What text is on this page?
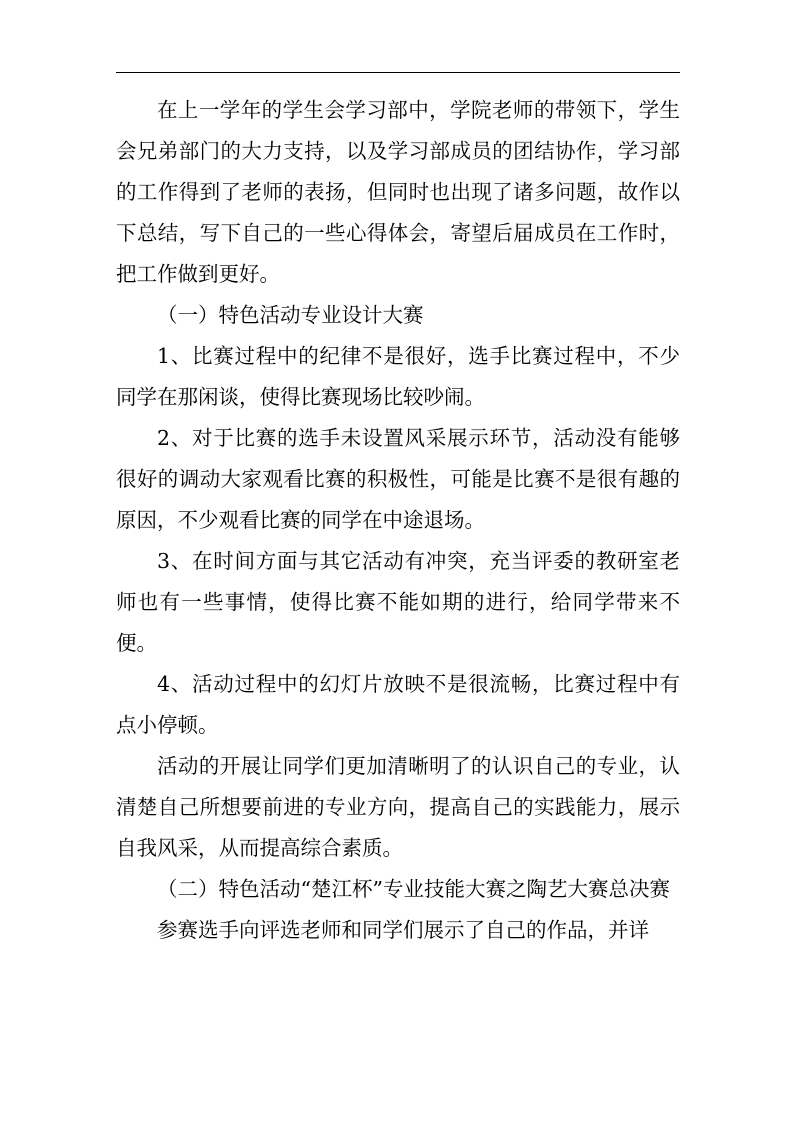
在上一学年的学生会学习部中，学院老师的带领下，学生会兄弟部门的大力支持，以及学习部成员的团结协作，学习部的工作得到了老师的表扬，但同时也出现了诸多问题，故作以下总结，写下自己的一些心得体会，寄望后届成员在工作时，把工作做到更好。

（一）特色活动专业设计大赛

1、比赛过程中的纪律不是很好，选手比赛过程中，不少同学在那闲谈，使得比赛现场比较吵闹。

2、对于比赛的选手未设置风采展示环节，活动没有能够很好的调动大家观看比赛的积极性，可能是比赛不是很有趣的原因，不少观看比赛的同学在中途退场。

3、在时间方面与其它活动有冲突，充当评委的教研室老师也有一些事情，使得比赛不能如期的进行，给同学带来不便。

4、活动过程中的幻灯片放映不是很流畅，比赛过程中有点小停顿。

活动的开展让同学们更加清晰明了的认识自己的专业，认清楚自己所想要前进的专业方向，提高自己的实践能力，展示自我风采，从而提高综合素质。

（二）特色活动“楚江杯”专业技能大赛之陶艺大赛总决赛

参赛选手向评选老师和同学们展示了自己的作品，并详
